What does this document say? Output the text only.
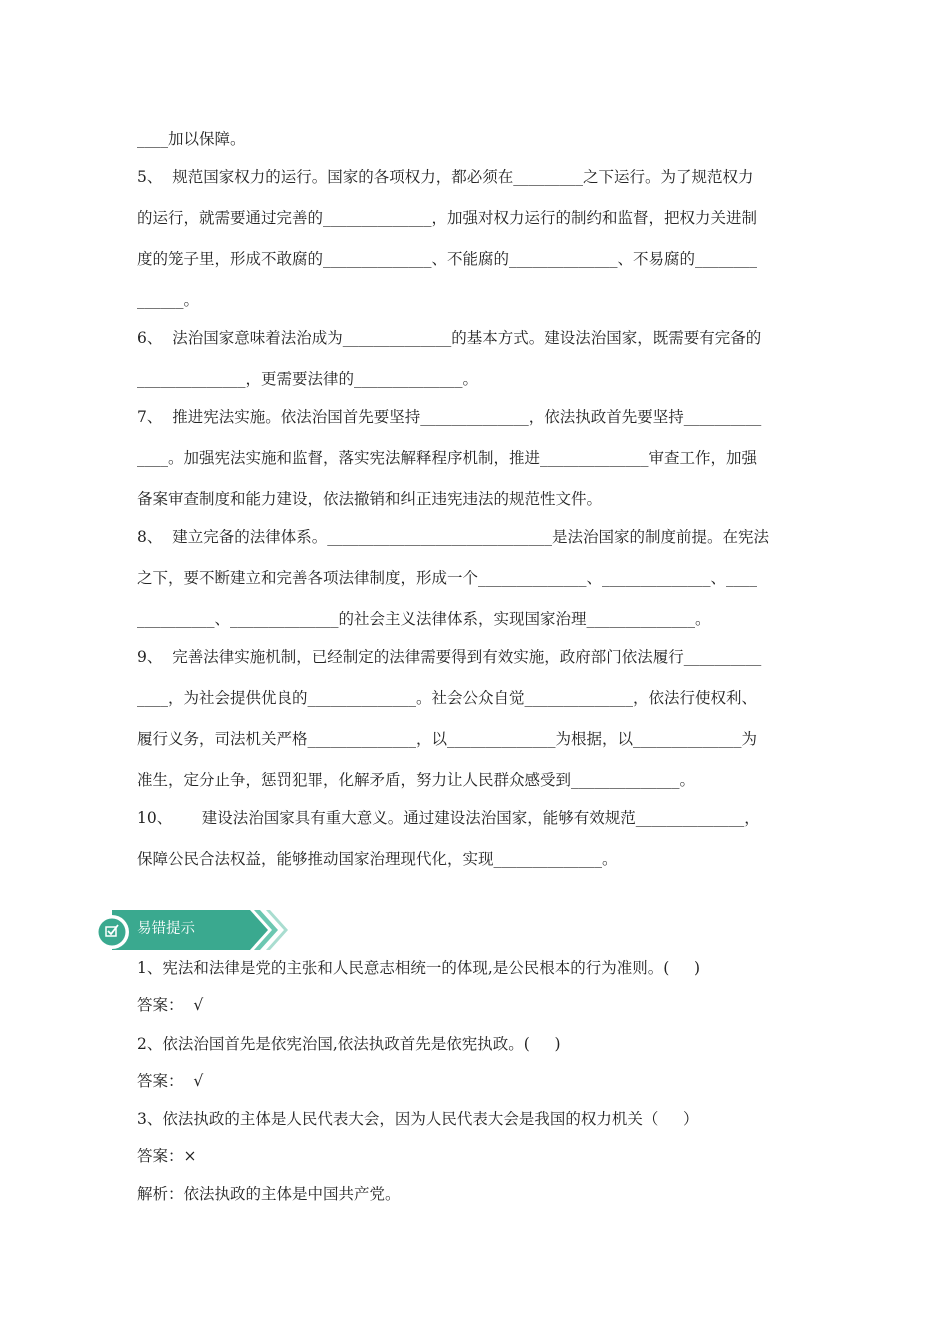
____加以保障。
5、  规范国家权力的运行。国家的各项权力，都必须在_________之下运行。为了规范权力
的运行，就需要通过完善的______________，加强对权力运行的制约和监督，把权力关进制
度的笼子里，形成不敢腐的______________、不能腐的______________、不易腐的________
______。
6、  法治国家意味着法治成为______________的基本方式。建设法治国家，既需要有完备的
______________，更需要法律的______________。
7、  推进宪法实施。依法治国首先要坚持______________，依法执政首先要坚持__________
____。加强宪法实施和监督，落实宪法解释程序机制，推进______________审查工作，加强
备案审查制度和能力建设，依法撤销和纠正违宪违法的规范性文件。
8、  建立完备的法律体系。_____________________________是法治国家的制度前提。在宪法
之下，要不断建立和完善各项法律制度，形成一个______________、______________、____
__________、______________的社会主义法律体系，实现国家治理______________。
9、  完善法律实施机制，已经制定的法律需要得到有效实施，政府部门依法履行__________
____，为社会提供优良的______________。社会公众自觉______________，依法行使权利、
履行义务，司法机关严格______________，以______________为根据，以______________为
准生，定分止争，惩罚犯罪，化解矛盾，努力让人民群众感受到______________。
10、      建设法治国家具有重大意义。通过建设法治国家，能够有效规范______________，
保障公民合法权益，能够推动国家治理现代化，实现______________。
易错提示
1、宪法和法律是党的主张和人民意志相统一的体现,是公民根本的行为准则。(     )
答案：  √
2、依法治国首先是依宪治国,依法执政首先是依宪执政。(     )
答案：  √
3、依法执政的主体是人民代表大会，因为人民代表大会是我国的权力机关（     ）
答案：×
解析：依法执政的主体是中国共产党。
